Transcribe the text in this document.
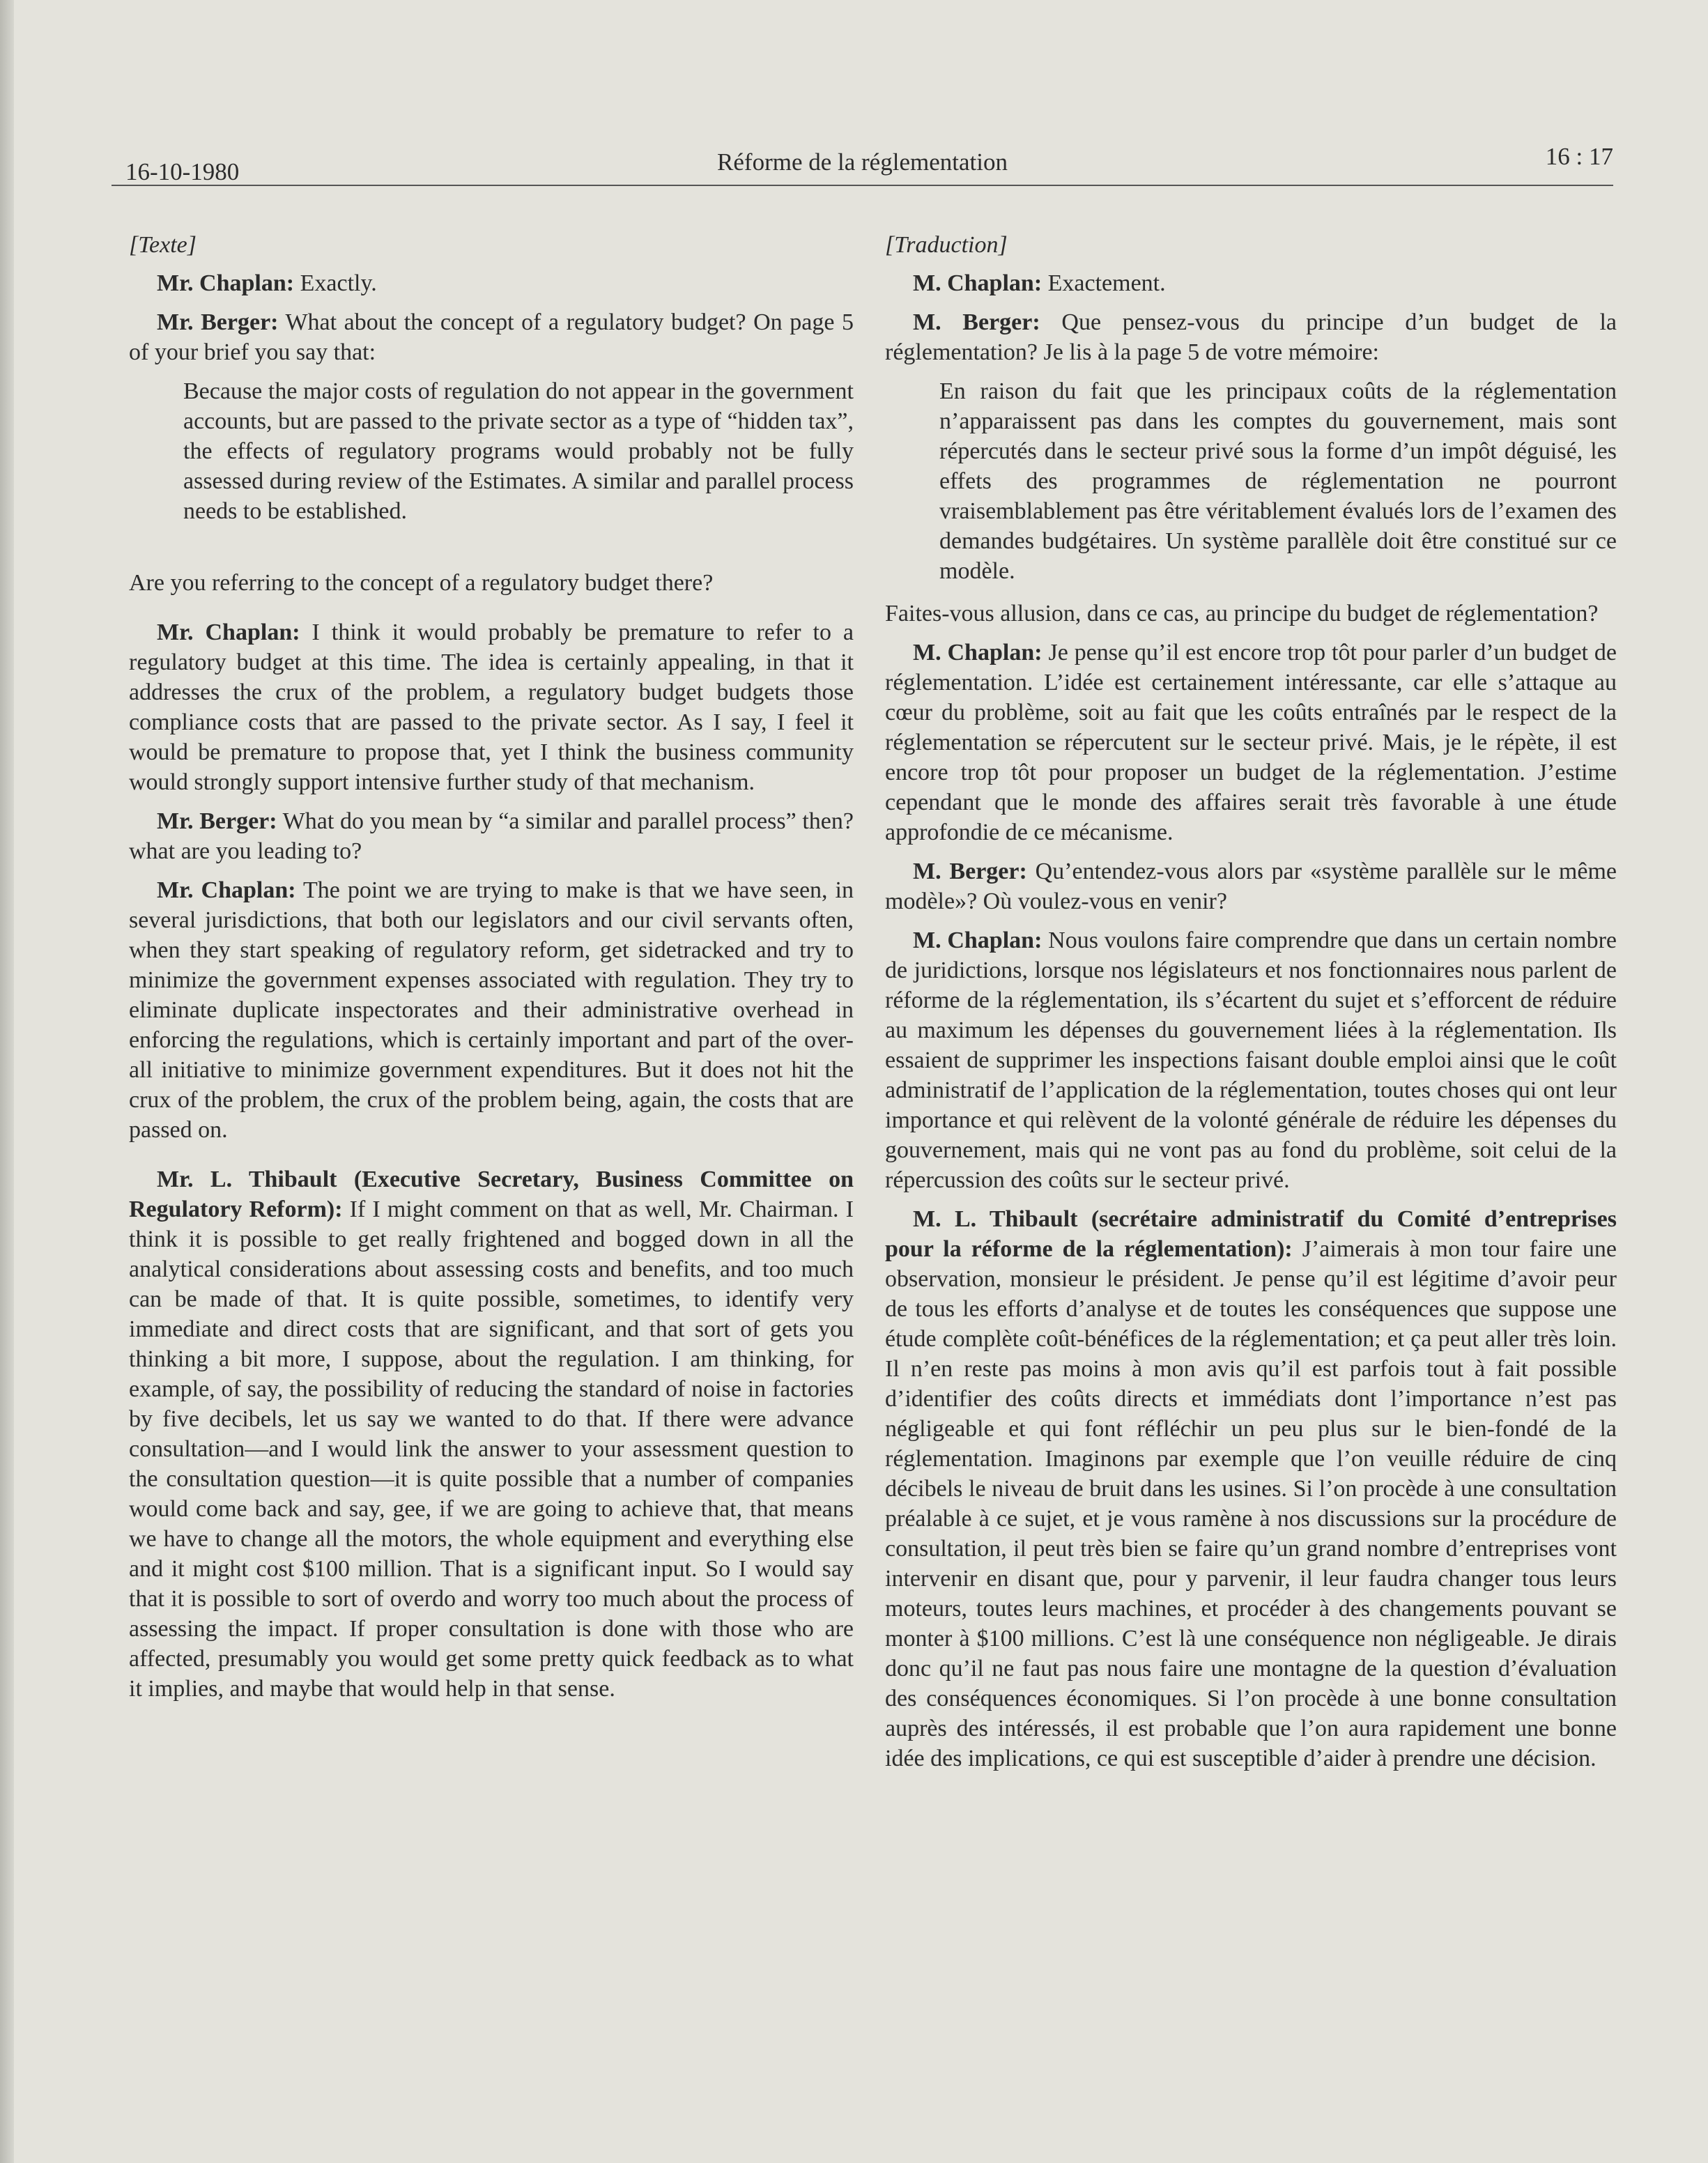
16-10-1980	Réforme de la réglementation	16 : 17

[Texte]

Mr. Chaplan: Exactly.

Mr. Berger: What about the concept of a regulatory budget? On page 5 of your brief you say that:

Because the major costs of regulation do not appear in the government accounts, but are passed to the private sector as a type of “hidden tax”, the effects of regulatory programs would probably not be fully assessed during review of the Estimates. A similar and parallel process needs to be established.

Are you referring to the concept of a regulatory budget there?

Mr. Chaplan: I think it would probably be premature to refer to a regulatory budget at this time. The idea is certainly appealing, in that it addresses the crux of the problem, a regulatory budget budgets those compliance costs that are passed to the private sector. As I say, I feel it would be premature to propose that, yet I think the business community would strongly support intensive further study of that mechanism.

Mr. Berger: What do you mean by “a similar and parallel process” then? what are you leading to?

Mr. Chaplan: The point we are trying to make is that we have seen, in several jurisdictions, that both our legislators and our civil servants often, when they start speaking of regulatory reform, get sidetracked and try to minimize the government expenses associated with regulation. They try to eliminate duplicate inspectorates and their administrative overhead in enforcing the regulations, which is certainly important and part of the over-all initiative to minimize government expenditures. But it does not hit the crux of the problem, the crux of the problem being, again, the costs that are passed on.

Mr. L. Thibault (Executive Secretary, Business Committee on Regulatory Reform): If I might comment on that as well, Mr. Chairman. I think it is possible to get really frightened and bogged down in all the analytical considerations about assessing costs and benefits, and too much can be made of that. It is quite possible, sometimes, to identify very immediate and direct costs that are significant, and that sort of gets you thinking a bit more, I suppose, about the regulation. I am thinking, for example, of say, the possibility of reducing the standard of noise in factories by five decibels, let us say we wanted to do that. If there were advance consultation—and I would link the answer to your assessment question to the consultation question—it is quite possible that a number of companies would come back and say, gee, if we are going to achieve that, that means we have to change all the motors, the whole equipment and everything else and it might cost $100 million. That is a significant input. So I would say that it is possible to sort of overdo and worry too much about the process of assessing the impact. If proper consultation is done with those who are affected, presumably you would get some pretty quick feedback as to what it implies, and maybe that would help in that sense.

[Traduction]

M. Chaplan: Exactement.

M. Berger: Que pensez-vous du principe d’un budget de la réglementation? Je lis à la page 5 de votre mémoire:

En raison du fait que les principaux coûts de la réglementation n’apparaissent pas dans les comptes du gouvernement, mais sont répercutés dans le secteur privé sous la forme d’un impôt déguisé, les effets des programmes de réglementation ne pourront vraisemblablement pas être véritablement évalués lors de l’examen des demandes budgétaires. Un système parallèle doit être constitué sur ce modèle.

Faites-vous allusion, dans ce cas, au principe du budget de réglementation?

M. Chaplan: Je pense qu’il est encore trop tôt pour parler d’un budget de réglementation. L’idée est certainement intéressante, car elle s’attaque au cœur du problème, soit au fait que les coûts entraînés par le respect de la réglementation se répercutent sur le secteur privé. Mais, je le répète, il est encore trop tôt pour proposer un budget de la réglementation. J’estime cependant que le monde des affaires serait très favorable à une étude approfondie de ce mécanisme.

M. Berger: Qu’entendez-vous alors par «système parallèle sur le même modèle»? Où voulez-vous en venir?

M. Chaplan: Nous voulons faire comprendre que dans un certain nombre de juridictions, lorsque nos législateurs et nos fonctionnaires nous parlent de réforme de la réglementation, ils s’écartent du sujet et s’efforcent de réduire au maximum les dépenses du gouvernement liées à la réglementation. Ils essaient de supprimer les inspections faisant double emploi ainsi que le coût administratif de l’application de la réglementation, toutes choses qui ont leur importance et qui relèvent de la volonté générale de réduire les dépenses du gouvernement, mais qui ne vont pas au fond du problème, soit celui de la répercussion des coûts sur le secteur privé.

M. L. Thibault (secrétaire administratif du Comité d’entreprises pour la réforme de la réglementation): J’aimerais à mon tour faire une observation, monsieur le président. Je pense qu’il est légitime d’avoir peur de tous les efforts d’analyse et de toutes les conséquences que suppose une étude complète coût-bénéfices de la réglementation; et ça peut aller très loin. Il n’en reste pas moins à mon avis qu’il est parfois tout à fait possible d’identifier des coûts directs et immédiats dont l’importance n’est pas négligeable et qui font réfléchir un peu plus sur le bien-fondé de la réglementation. Imaginons par exemple que l’on veuille réduire de cinq décibels le niveau de bruit dans les usines. Si l’on procède à une consultation préalable à ce sujet, et je vous ramène à nos discussions sur la procédure de consultation, il peut très bien se faire qu’un grand nombre d’entreprises vont intervenir en disant que, pour y parvenir, il leur faudra changer tous leurs moteurs, toutes leurs machines, et procéder à des changements pouvant se monter à $100 millions. C’est là une conséquence non négligeable. Je dirais donc qu’il ne faut pas nous faire une montagne de la question d’évaluation des conséquences économiques. Si l’on procède à une bonne consultation auprès des intéressés, il est probable que l’on aura rapidement une bonne idée des implications, ce qui est susceptible d’aider à prendre une décision.
